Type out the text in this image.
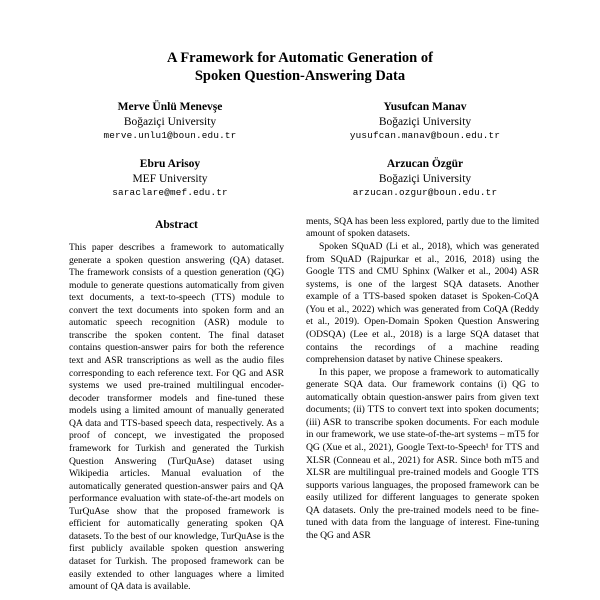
A Framework for Automatic Generation of
Spoken Question-Answering Data
Merve Ünlü Menevşe
Boğaziçi University
merve.unlu1@boun.edu.tr
Yusufcan Manav
Boğaziçi University
yusufcan.manav@boun.edu.tr
Ebru Arisoy
MEF University
saraclare@mef.edu.tr
Arzucan Özgür
Boğaziçi University
arzucan.ozgur@boun.edu.tr
Abstract

This paper describes a framework to automatically generate a spoken question answering (QA) dataset. The framework consists of a question generation (QG) module to generate questions automatically from given text documents, a text-to-speech (TTS) module to convert the text documents into spoken form and an automatic speech recognition (ASR) module to transcribe the spoken content. The final dataset contains question-answer pairs for both the reference text and ASR transcriptions as well as the audio files corresponding to each reference text. For QG and ASR systems we used pre-trained multilingual encoder-decoder transformer models and fine-tuned these models using a limited amount of manually generated QA data and TTS-based speech data, respectively. As a proof of concept, we investigated the proposed framework for Turkish and generated the Turkish Question Answering (TurQuAse) dataset using Wikipedia articles. Manual evaluation of the automatically generated question-answer pairs and QA performance evaluation with state-of-the-art models on TurQuAse show that the proposed framework is efficient for automatically generating spoken QA datasets. To the best of our knowledge, TurQuAse is the first publicly available spoken question answering dataset for Turkish. The proposed framework can be easily extended to other languages where a limited amount of QA data is available.

ments, SQA has been less explored, partly due to the limited amount of spoken datasets.

Spoken SQuAD (Li et al., 2018), which was generated from SQuAD (Rajpurkar et al., 2016, 2018) using the Google TTS and CMU Sphinx (Walker et al., 2004) ASR systems, is one of the largest SQA datasets. Another example of a TTS-based spoken dataset is Spoken-CoQA (You et al., 2022) which was generated from CoQA (Reddy et al., 2019). Open-Domain Spoken Question Answering (ODSQA) (Lee et al., 2018) is a large SQA dataset that contains the recordings of a machine reading comprehension dataset by native Chinese speakers.

In this paper, we propose a framework to automatically generate SQA data. Our framework contains (i) QG to automatically obtain question-answer pairs from given text documents; (ii) TTS to convert text into spoken documents; (iii) ASR to transcribe spoken documents. For each module in our framework, we use state-of-the-art systems – mT5 for QG (Xue et al., 2021), Google Text-to-Speech¹ for TTS and XLSR (Conneau et al., 2021) for ASR. Since both mT5 and XLSR are multilingual pre-trained models and Google TTS supports various languages, the proposed framework can be easily utilized for different languages to generate spoken QA datasets. Only the pre-trained models need to be fine-tuned with data from the language of interest. Fine-tuning the QG and ASR
